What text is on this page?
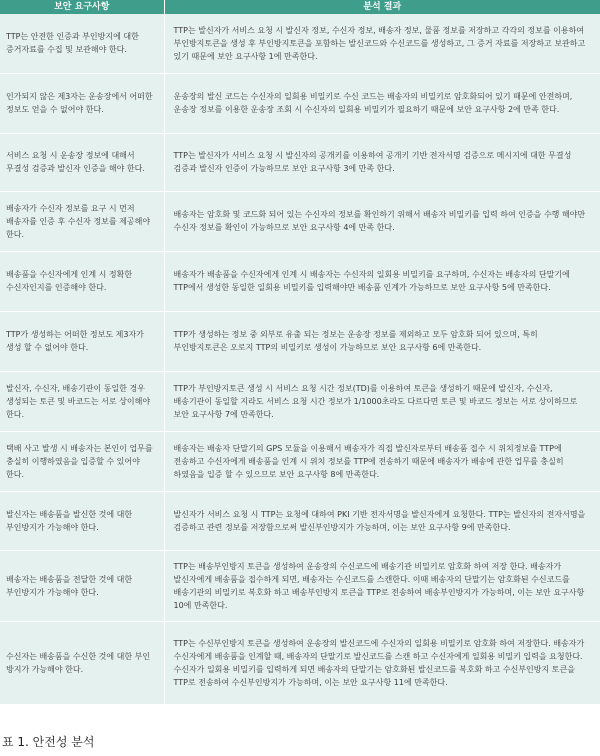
보안 요구사항	분석 결과
TTP는 안전한 인증과 부인방지에 대한 증거자료를 수집 및 보관해야 한다.	TTP는 발신자가 서비스 요청 시 발신자 정보, 수신자 정보, 배송자 정보, 물품 정보를 저장하고 각각의 정보를 이용하여 부인방지토큰을 생성 후 부인방지토큰을 포함하는 발신코드와 수신코드를 생성하고, 그 증거 자료를 저장하고 보관하고 있기 때문에 보안 요구사항 1에 만족한다.
인가되지 않은 제3자는 운송장에서 어떠한 정보도 얻을 수 없어야 한다.	운송장의 발신 코드는 수신자의 일회용 비밀키로 수신 코드는 배송자의 비밀키로 암호화되어 있기 때문에 안전하며, 운송장 정보를 이용한 운송장 조회 시 수신자의 일회용 비밀키가 필요하기 때문에 보안 요구사항 2에 만족 한다.
서비스 요청 시 운송장 정보에 대해서 무결성 검증과 발신자 인증을 해야 한다.	TTP는 발신자가 서비스 요청 시 발신자의 공개키를 이용하여 공개키 기반 전자서명 검증으로 메시지에 대한 무결성 검증과 발신자 인증이 가능하므로 보안 요구사항 3에 만족 한다.
배송자가 수신자 정보를 요구 시 먼저 배송자를 인증 후 수신자 정보를 제공해야 한다.	배송자는 암호화 및 코드화 되어 있는 수신자의 정보를 확인하기 위해서 배송자 비밀키를 입력 하여 인증을 수행 해야만 수신자 정보를 확인이 가능하므로 보안 요구사항 4에 만족 한다.
배송품을 수신자에게 인계 시 정확한 수신자인지를 인증해야 한다.	배송자가 배송품을 수신자에게 인계 시 배송자는 수신자의 일회용 비밀키를 요구하며, 수신자는 배송자의 단말기에 TTP에서 생성한 동일한 일회용 비밀키를 입력해야만 배송품 인계가 가능하므로 보안 요구사항 5에 만족한다.
TTP가 생성하는 어떠한 정보도 제3자가 생성 할 수 없어야 한다.	TTP가 생성하는 정보 중 외부로 유출 되는 정보는 운송장 정보를 제외하고 모두 암호화 되어 있으며, 특히 부인방지토큰은 오로지 TTP의 비밀키로 생성이 가능하므로 보안 요구사항 6에 만족한다.
발신자, 수신자, 배송기관이 동일한 경우 생성되는 토큰 및 바코드는 서로 상이해야 한다.	TTP가 부인방지토큰 생성 시 서비스 요청 시간 정보(TD)를 이용하여 토큰을 생성하기 때문에 발신자, 수신자, 배송기관이 동일할 지라도 서비스 요청 시간 정보가 1/1000초라도 다르다면 토큰 및 바코드 정보는 서로 상이하므로 보안 요구사항 7에 만족한다.
택배 사고 발생 시 배송자는 본인이 업무를 충실히 이행하였음을 입증할 수 있어야 한다.	배송자는 배송자 단말기의 GPS 모듈을 이용해서 배송자가 직접 발신자로부터 배송품 접수 시 위치정보를 TTP에 전송하고 수신자에게 배송품을 인계 시 위치 정보를 TTP에 전송하기 때문에 배송자가 배송에 관한 업무를 충실히 하였음을 입증 할 수 있으므로 보안 요구사항 8에 만족한다.
발신자는 배송품을 발신한 것에 대한 부인방지가 가능해야 한다.	발신자가 서비스 요청 시 TTP는 요청에 대하여 PKI 기반 전자서명을 발신자에게 요청한다. TTP는 발신자의 전자서명을 검증하고 관련 정보를 저장함으로써 발신부인방지가 가능하며, 이는 보안 요구사항 9에 만족한다.
배송자는 배송품을 전달한 것에 대한 부인방지가 가능해야 한다.	TTP는 배송부인방지 토큰을 생성하여 운송장의 수신코드에 배송기관 비밀키로 암호화 하여 저장 한다. 배송자가 발신자에게 배송품을 접수하게 되면, 배송자는 수신코드를 스캔한다. 이때 배송자의 단말기는 암호화된 수신코드를 배송기관의 비밀키로 복호화 하고 배송부인방지 토큰을 TTP로 전송하여 배송부인방지가 가능하며, 이는 보안 요구사항 10에 만족한다.
수신자는 배송품을 수신한 것에 대한 부인 방지가 가능해야 한다.	TTP는 수신부인방지 토큰을 생성하여 운송장의 발신코드에 수신자의 일회용 비밀키로 암호화 하여 저장한다. 배송자가 수신자에게 배송품을 인계할 때, 배송자의 단말기로 발신코드를 스캔 하고 수신자에게 일회용 비밀키 입력을 요청한다. 수신자가 일회용 비밀키를 입력하게 되면 배송자의 단말기는 암호화된 발신코드를 복호화 하고 수신부인방지 토큰을 TTP로 전송하여 수신부인방지가 가능하며, 이는 보안 요구사항 11에 만족한다.
표 1. 안전성 분석
